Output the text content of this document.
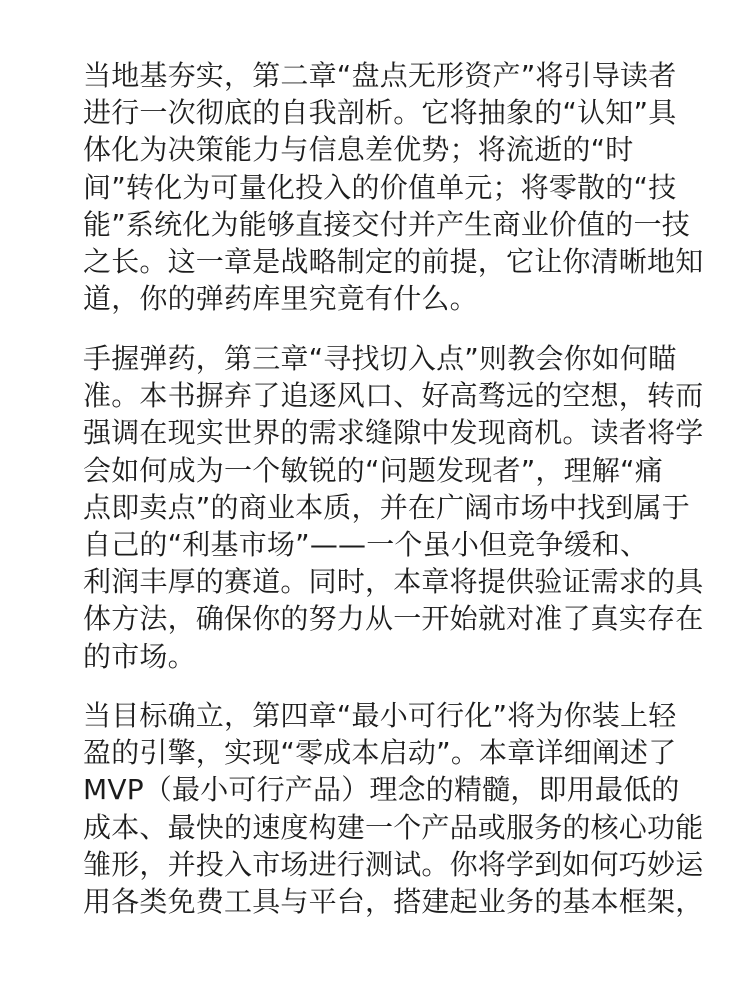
当地基夯实，第二章“盘点无形资产”将引导读者
进行一次彻底的自我剖析。它将抽象的“认知”具
体化为决策能力与信息差优势；将流逝的“时
间”转化为可量化投入的价值单元；将零散的“技
能”系统化为能够直接交付并产生商业价值的一技
之长。这一章是战略制定的前提，它让你清晰地知
道，你的弹药库里究竟有什么。
手握弹药，第三章“寻找切入点”则教会你如何瞄
准。本书摒弃了追逐风口、好高骛远的空想，转而
强调在现实世界的需求缝隙中发现商机。读者将学
会如何成为一个敏锐的“问题发现者”，理解“痛
点即卖点”的商业本质，并在广阔市场中找到属于
自己的“利基市场”——一个虽小但竞争缓和、
利润丰厚的赛道。同时，本章将提供验证需求的具
体方法，确保你的努力从一开始就对准了真实存在
的市场。
当目标确立，第四章“最小可行化”将为你装上轻
盈的引擎，实现“零成本启动”。本章详细阐述了
MVP（最小可行产品）理念的精髓，即用最低的
成本、最快的速度构建一个产品或服务的核心功能
雏形，并投入市场进行测试。你将学到如何巧妙运
用各类免费工具与平台，搭建起业务的基本框架，
